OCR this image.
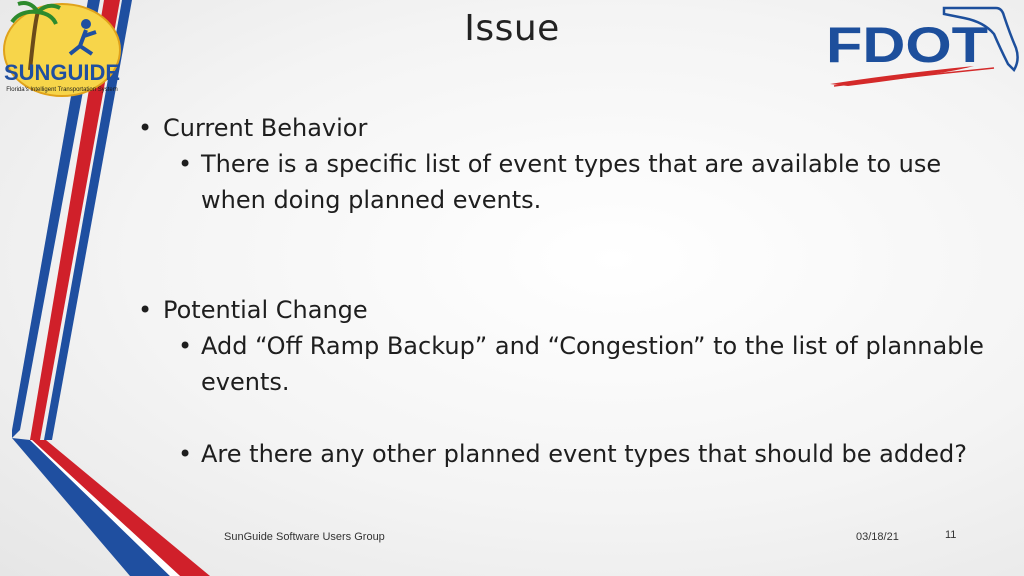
SUNGUIDE
Florida's Intelligent Transportation System
Issue	FDOT
• Current Behavior
• There is a specific list of event types that are available to use when doing planned events.
• Potential Change
• Add “Off Ramp Backup” and “Congestion” to the list of plannable events.
• Are there any other planned event types that should be added?
SunGuide Software Users Group	03/18/21	11
